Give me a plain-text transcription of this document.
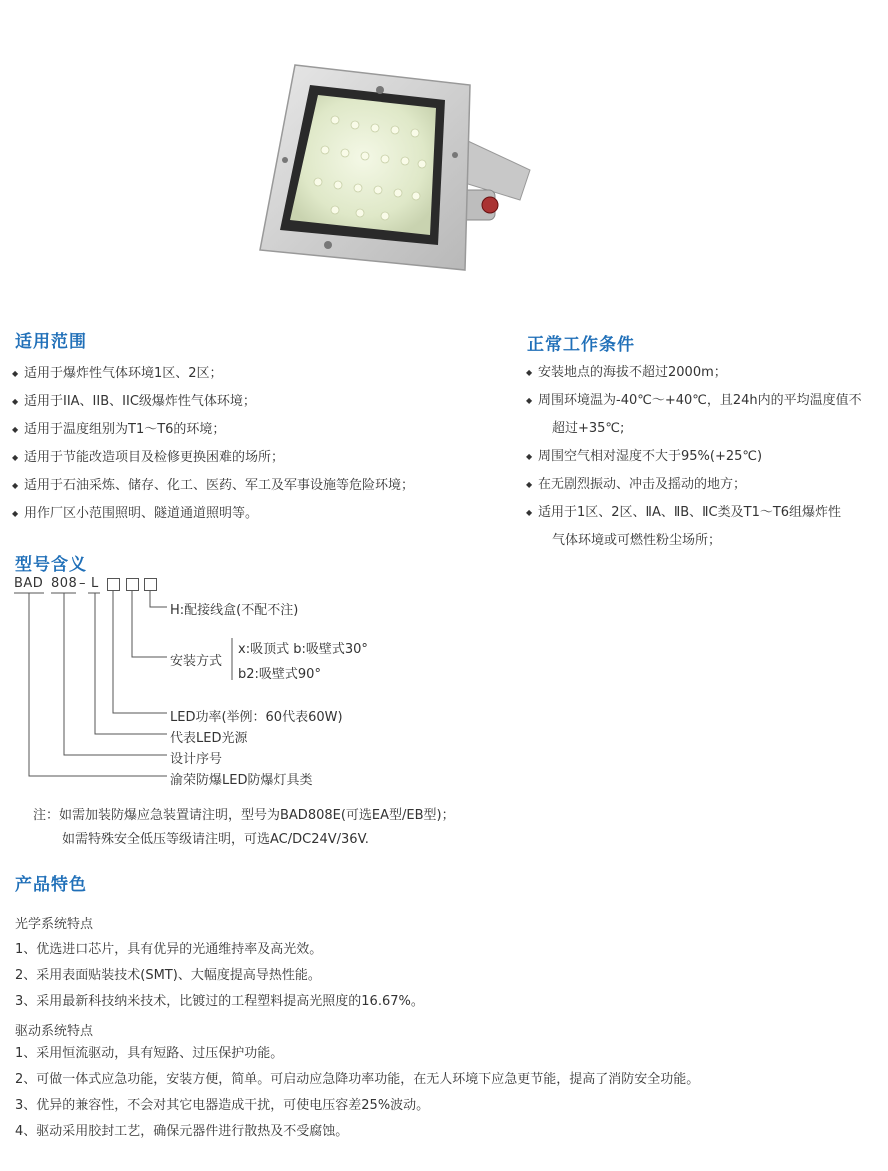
适用范围
◆ 适用于爆炸性气体环境1区、2区；
◆ 适用于IIA、IIB、IIC级爆炸性气体环境；
◆ 适用于温度组别为T1～T6的环境；
◆ 适用于节能改造项目及检修更换困难的场所；
◆ 适用于石油采炼、储存、化工、医药、军工及军事设施等危险环境；
◆ 用作厂区小范围照明、隧道通道照明等。
正常工作条件
◆ 安装地点的海拔不超过2000m；
◆ 周围环境温为-40℃～+40℃，且24h内的平均温度值不
超过+35℃;
◆ 周围空气相对湿度不大于95%(+25℃)
◆ 在无剧烈振动、冲击及摇动的地方；
◆ 适用于1区、2区、ⅡA、ⅡB、ⅡC类及T1～T6组爆炸性
气体环境或可燃性粉尘场所；
型号含义
BAD 808 – L
H:配接线盒(不配不注)
安装方式
x:吸顶式 b:吸壁式30°
b2:吸壁式90°
LED功率(举例：60代表60W)
代表LED光源
设计序号
渝荣防爆LED防爆灯具类
注：如需加装防爆应急装置请注明，型号为BAD808E(可选EA型/EB型)；
如需特殊安全低压等级请注明，可选AC/DC24V/36V.
产品特色
光学系统特点
1、优选进口芯片，具有优异的光通维持率及高光效。
2、采用表面贴装技术(SMT)、大幅度提高导热性能。
3、采用最新科技纳米技术，比镀过的工程塑料提高光照度的16.67%。
驱动系统特点
1、采用恒流驱动，具有短路、过压保护功能。
2、可做一体式应急功能，安装方便，简单。可启动应急降功率功能，在无人环境下应急更节能，提高了消防安全功能。
3、优异的兼容性，不会对其它电器造成干扰，可使电压容差25%波动。
4、驱动采用胶封工艺，确保元器件进行散热及不受腐蚀。
